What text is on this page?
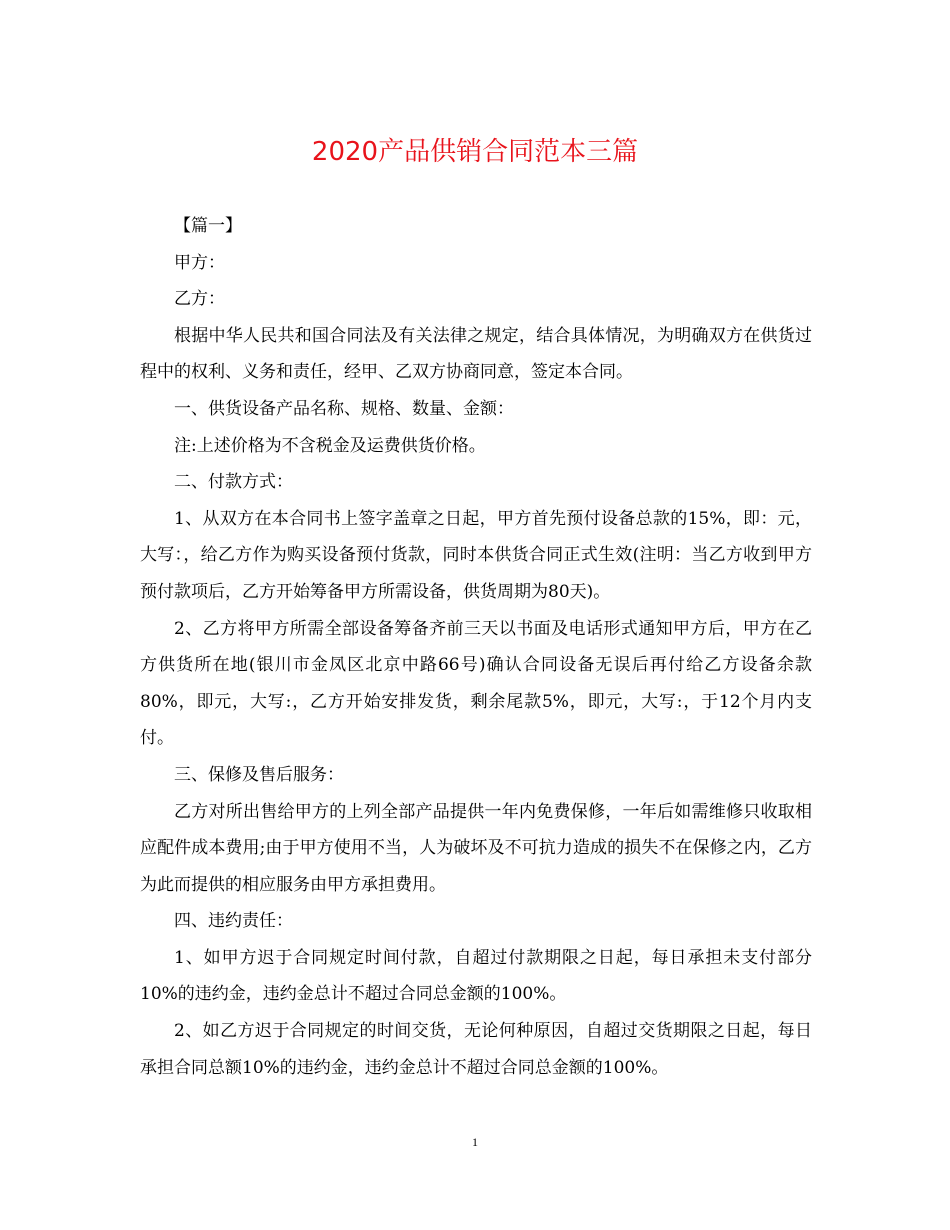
2020产品供销合同范本三篇

【篇一】

甲方：

乙方：

根据中华人民共和国合同法及有关法律之规定，结合具体情况，为明确双方在供货过程中的权利、义务和责任，经甲、乙双方协商同意，签定本合同。

一、供货设备产品名称、规格、数量、金额：

注:上述价格为不含税金及运费供货价格。

二、付款方式：

1、从双方在本合同书上签字盖章之日起，甲方首先预付设备总款的15%，即：元，大写：，给乙方作为购买设备预付货款，同时本供货合同正式生效(注明：当乙方收到甲方预付款项后，乙方开始筹备甲方所需设备，供货周期为80天)。

2、乙方将甲方所需全部设备筹备齐前三天以书面及电话形式通知甲方后，甲方在乙方供货所在地(银川市金凤区北京中路66号)确认合同设备无误后再付给乙方设备余款80%，即元，大写:，乙方开始安排发货，剩余尾款5%，即元，大写:，于12个月内支付。

三、保修及售后服务：

乙方对所出售给甲方的上列全部产品提供一年内免费保修，一年后如需维修只收取相应配件成本费用;由于甲方使用不当，人为破坏及不可抗力造成的损失不在保修之内，乙方为此而提供的相应服务由甲方承担费用。

四、违约责任：

1、如甲方迟于合同规定时间付款，自超过付款期限之日起，每日承担未支付部分10%的违约金，违约金总计不超过合同总金额的100%。

2、如乙方迟于合同规定的时间交货，无论何种原因，自超过交货期限之日起，每日承担合同总额10%的违约金，违约金总计不超过合同总金额的100%。

1
